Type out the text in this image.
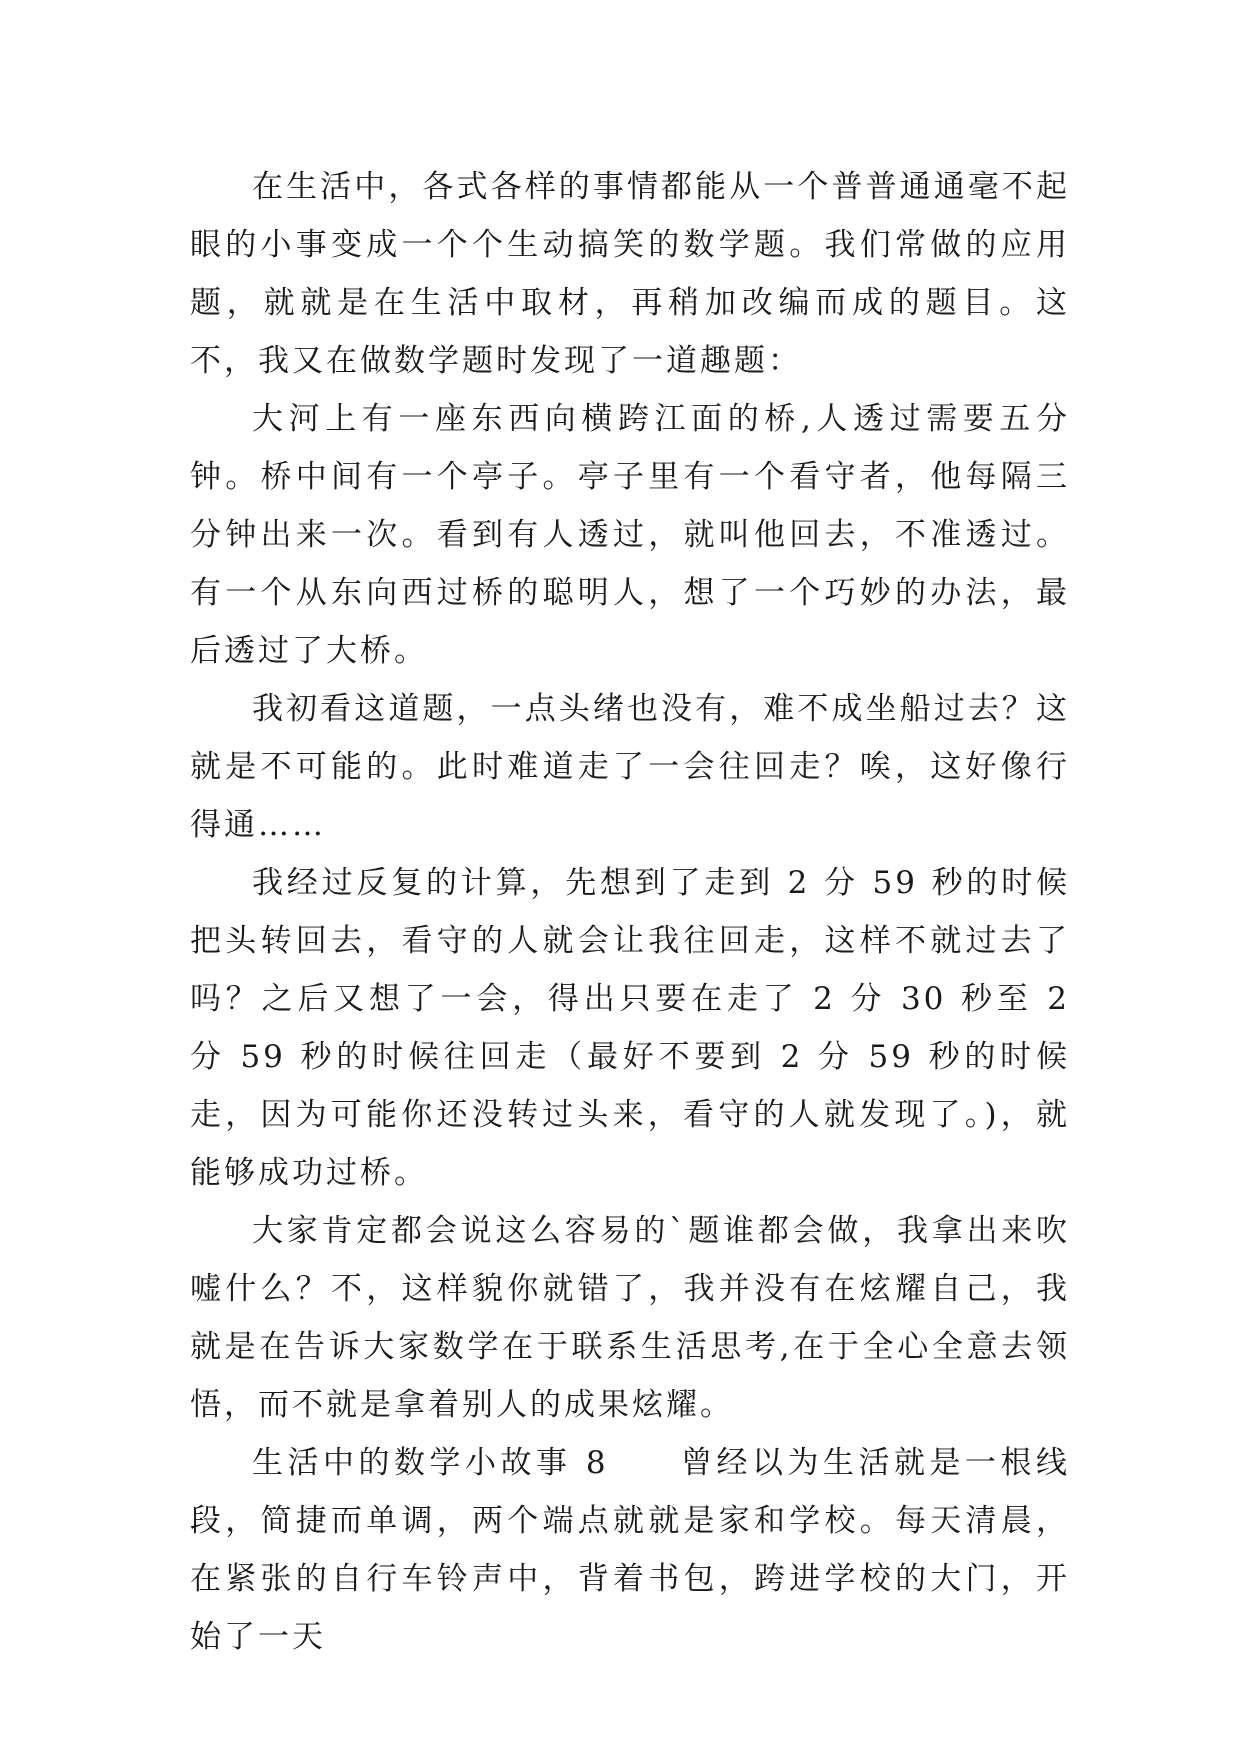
在生活中，各式各样的事情都能从一个普普通通毫不起眼的小事变成一个个生动搞笑的数学题。我们常做的应用题，就就是在生活中取材，再稍加改编而成的题目。这不，我又在做数学题时发现了一道趣题：

大河上有一座东西向横跨江面的桥,人透过需要五分钟。桥中间有一个亭子。亭子里有一个看守者，他每隔三分钟出来一次。看到有人透过，就叫他回去，不准透过。有一个从东向西过桥的聪明人，想了一个巧妙的办法，最后透过了大桥。

我初看这道题，一点头绪也没有，难不成坐船过去？这就是不可能的。此时难道走了一会往回走？唉，这好像行得通……

我经过反复的计算，先想到了走到 2 分 59 秒的时候把头转回去，看守的人就会让我往回走，这样不就过去了吗？之后又想了一会，得出只要在走了 2 分 30 秒至 2 分 59 秒的时候往回走（最好不要到 2 分 59 秒的时候走，因为可能你还没转过头来，看守的人就发现了。)，就能够成功过桥。

大家肯定都会说这么容易的`题谁都会做，我拿出来吹嘘什么？不，这样貌你就错了，我并没有在炫耀自己，我就是在告诉大家数学在于联系生活思考,在于全心全意去领悟，而不就是拿着别人的成果炫耀。

生活中的数学小故事 8　　曾经以为生活就是一根线段，简捷而单调，两个端点就就是家和学校。每天清晨，在紧张的自行车铃声中，背着书包，跨进学校的大门，开始了一天
